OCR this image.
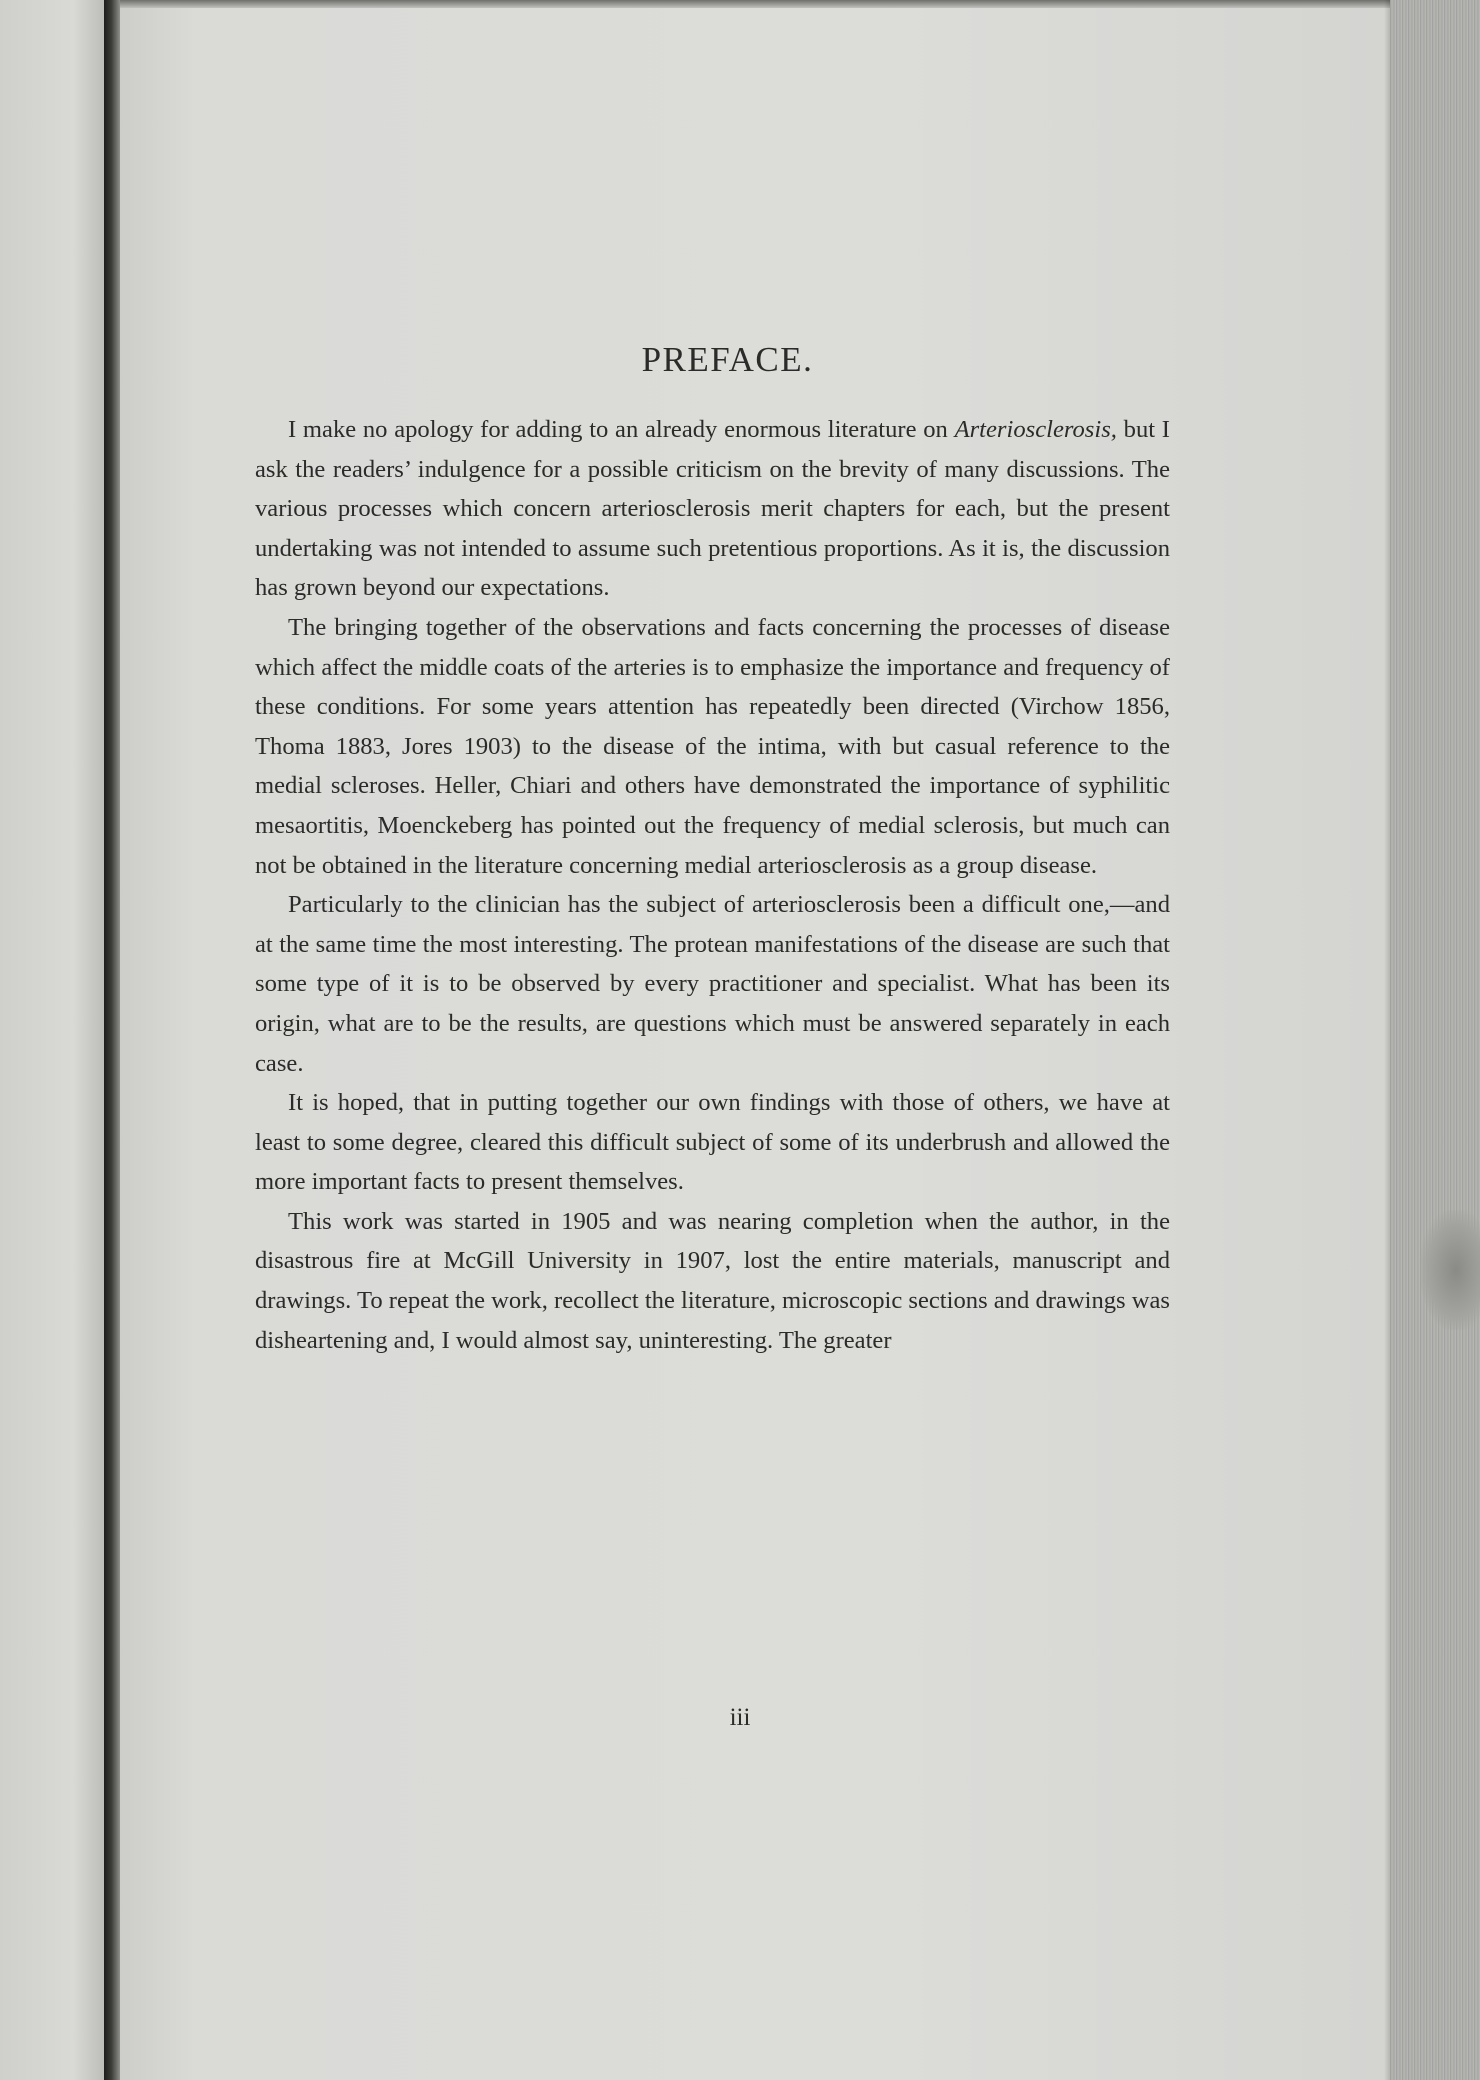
PREFACE.

I make no apology for adding to an already enormous literature on Arteriosclerosis, but I ask the readers’ indulgence for a possible criticism on the brevity of many discussions. The various processes which concern arteriosclerosis merit chapters for each, but the present undertaking was not intended to assume such pretentious proportions. As it is, the discussion has grown beyond our expectations.

The bringing together of the observations and facts concerning the processes of disease which affect the middle coats of the arteries is to emphasize the importance and frequency of these conditions. For some years attention has repeatedly been directed (Virchow 1856, Thoma 1883, Jores 1903) to the disease of the intima, with but casual reference to the medial scleroses. Heller, Chiari and others have demonstrated the importance of syphilitic mesaortitis, Moenckeberg has pointed out the frequency of medial sclerosis, but much can not be obtained in the literature concerning medial arteriosclerosis as a group disease.

Particularly to the clinician has the subject of arteriosclerosis been a difficult one,—and at the same time the most interesting. The protean manifestations of the disease are such that some type of it is to be observed by every practitioner and specialist. What has been its origin, what are to be the results, are questions which must be answered separately in each case.

It is hoped, that in putting together our own findings with those of others, we have at least to some degree, cleared this difficult subject of some of its underbrush and allowed the more important facts to present themselves.

This work was started in 1905 and was nearing completion when the author, in the disastrous fire at McGill University in 1907, lost the entire materials, manuscript and drawings. To repeat the work, recollect the literature, microscopic sections and drawings was disheartening and, I would almost say, uninteresting. The greater

iii
